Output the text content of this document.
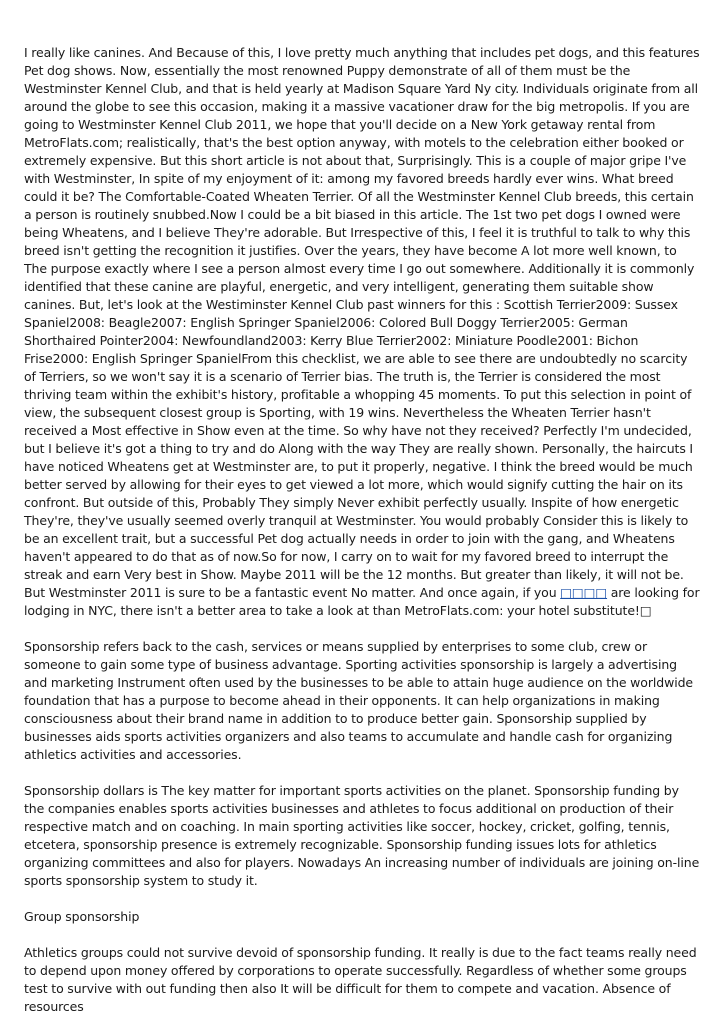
I really like canines. And Because of this, I love pretty much anything that includes pet dogs, and this features Pet dog shows. Now, essentially the most renowned Puppy demonstrate of all of them must be the Westminster Kennel Club, and that is held yearly at Madison Square Yard Ny city. Individuals originate from all around the globe to see this occasion, making it a massive vacationer draw for the big metropolis. If you are going to Westminster Kennel Club 2011, we hope that you'll decide on a New York getaway rental from MetroFlats.com; realistically, that's the best option anyway, with motels to the celebration either booked or extremely expensive. But this short article is not about that, Surprisingly. This is a couple of major gripe I've with Westminster, In spite of my enjoyment of it: among my favored breeds hardly ever wins. What breed could it be? The Comfortable-Coated Wheaten Terrier. Of all the Westminster Kennel Club breeds, this certain a person is routinely snubbed.Now I could be a bit biased in this article. The 1st two pet dogs I owned were being Wheatens, and I believe They're adorable. But Irrespective of this, I feel it is truthful to talk to why this breed isn't getting the recognition it justifies. Over the years, they have become A lot more well known, to The purpose exactly where I see a person almost every time I go out somewhere. Additionally it is commonly identified that these canine are playful, energetic, and very intelligent, generating them suitable show canines. But, let's look at the Westiminster Kennel Club past winners for this : Scottish Terrier2009: Sussex Spaniel2008: Beagle2007: English Springer Spaniel2006: Colored Bull Doggy Terrier2005: German Shorthaired Pointer2004: Newfoundland2003: Kerry Blue Terrier2002: Miniature Poodle2001: Bichon Frise2000: English Springer SpanielFrom this checklist, we are able to see there are undoubtedly no scarcity of Terriers, so we won't say it is a scenario of Terrier bias. The truth is, the Terrier is considered the most thriving team within the exhibit's history, profitable a whopping 45 moments. To put this selection in point of view, the subsequent closest group is Sporting, with 19 wins. Nevertheless the Wheaten Terrier hasn't received a Most effective in Show even at the time. So why have not they received? Perfectly I'm undecided, but I believe it's got a thing to try and do Along with the way They are really shown. Personally, the haircuts I have noticed Wheatens get at Westminster are, to put it properly, negative. I think the breed would be much better served by allowing for their eyes to get viewed a lot more, which would signify cutting the hair on its confront. But outside of this, Probably They simply Never exhibit perfectly usually. Inspite of how energetic They're, they've usually seemed overly tranquil at Westminster. You would probably Consider this is likely to be an excellent trait, but a successful Pet dog actually needs in order to join with the gang, and Wheatens haven't appeared to do that as of now.So for now, I carry on to wait for my favored breed to interrupt the streak and earn Very best in Show. Maybe 2011 will be the 12 months. But greater than likely, it will not be. But Westminster 2011 is sure to be a fantastic event No matter. And once again, if you □□□□ are looking for lodging in NYC, there isn't a better area to take a look at than MetroFlats.com: your hotel substitute!□

Sponsorship refers back to the cash, services or means supplied by enterprises to some club, crew or someone to gain some type of business advantage. Sporting activities sponsorship is largely a advertising and marketing Instrument often used by the businesses to be able to attain huge audience on the worldwide foundation that has a purpose to become ahead in their opponents. It can help organizations in making consciousness about their brand name in addition to to produce better gain. Sponsorship supplied by businesses aids sports activities organizers and also teams to accumulate and handle cash for organizing athletics activities and accessories.

Sponsorship dollars is The key matter for important sports activities on the planet. Sponsorship funding by the companies enables sports activities businesses and athletes to focus additional on production of their respective match and on coaching. In main sporting activities like soccer, hockey, cricket, golfing, tennis, etcetera, sponsorship presence is extremely recognizable. Sponsorship funding issues lots for athletics organizing committees and also for players. Nowadays An increasing number of individuals are joining on-line sports sponsorship system to study it.

Group sponsorship

Athletics groups could not survive devoid of sponsorship funding. It really is due to the fact teams really need to depend upon money offered by corporations to operate successfully. Regardless of whether some groups test to survive with out funding then also It will be difficult for them to compete and vacation. Absence of resources
